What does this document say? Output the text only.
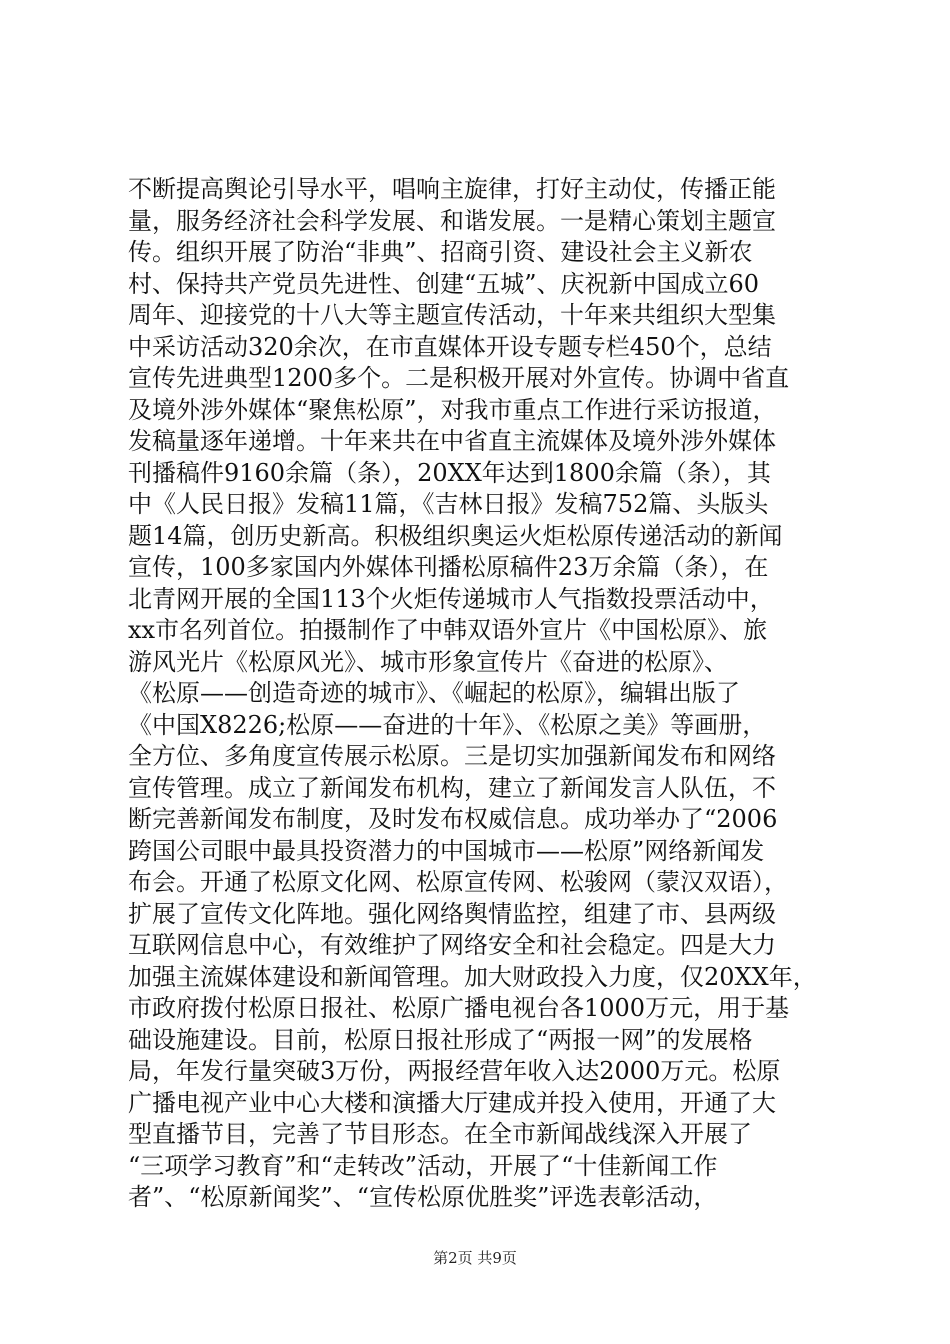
不断提高舆论引导水平，唱响主旋律，打好主动仗，传播正能
量，服务经济社会科学发展、和谐发展。一是精心策划主题宣
传。组织开展了防治“非典”、招商引资、建设社会主义新农
村、保持共产党员先进性、创建“五城”、庆祝新中国成立60
周年、迎接党的十八大等主题宣传活动，十年来共组织大型集
中采访活动320余次，在市直媒体开设专题专栏450个，总结
宣传先进典型1200多个。二是积极开展对外宣传。协调中省直
及境外涉外媒体“聚焦松原”，对我市重点工作进行采访报道，
发稿量逐年递增。十年来共在中省直主流媒体及境外涉外媒体
刊播稿件9160余篇（条），20XX年达到1800余篇（条），其
中《人民日报》发稿11篇，《吉林日报》发稿752篇、头版头
题14篇，创历史新高。积极组织奥运火炬松原传递活动的新闻
宣传，100多家国内外媒体刊播松原稿件23万余篇（条），在
北青网开展的全国113个火炬传递城市人气指数投票活动中，
xx市名列首位。拍摄制作了中韩双语外宣片《中国松原》、旅
游风光片《松原风光》、城市形象宣传片《奋进的松原》、
《松原——创造奇迹的城市》、《崛起的松原》，编辑出版了
《中国X8226;松原——奋进的十年》、《松原之美》等画册，
全方位、多角度宣传展示松原。三是切实加强新闻发布和网络
宣传管理。成立了新闻发布机构，建立了新闻发言人队伍，不
断完善新闻发布制度，及时发布权威信息。成功举办了“2006
跨国公司眼中最具投资潜力的中国城市——松原”网络新闻发
布会。开通了松原文化网、松原宣传网、松骏网（蒙汉双语），
扩展了宣传文化阵地。强化网络舆情监控，组建了市、县两级
互联网信息中心，有效维护了网络安全和社会稳定。四是大力
加强主流媒体建设和新闻管理。加大财政投入力度，仅20XX年，
市政府拨付松原日报社、松原广播电视台各1000万元，用于基
础设施建设。目前，松原日报社形成了“两报一网”的发展格
局，年发行量突破3万份，两报经营年收入达2000万元。松原
广播电视产业中心大楼和演播大厅建成并投入使用，开通了大
型直播节目，完善了节目形态。在全市新闻战线深入开展了
“三项学习教育”和“走转改”活动，开展了“十佳新闻工作
者”、“松原新闻奖”、“宣传松原优胜奖”评选表彰活动，
第2页 共9页
